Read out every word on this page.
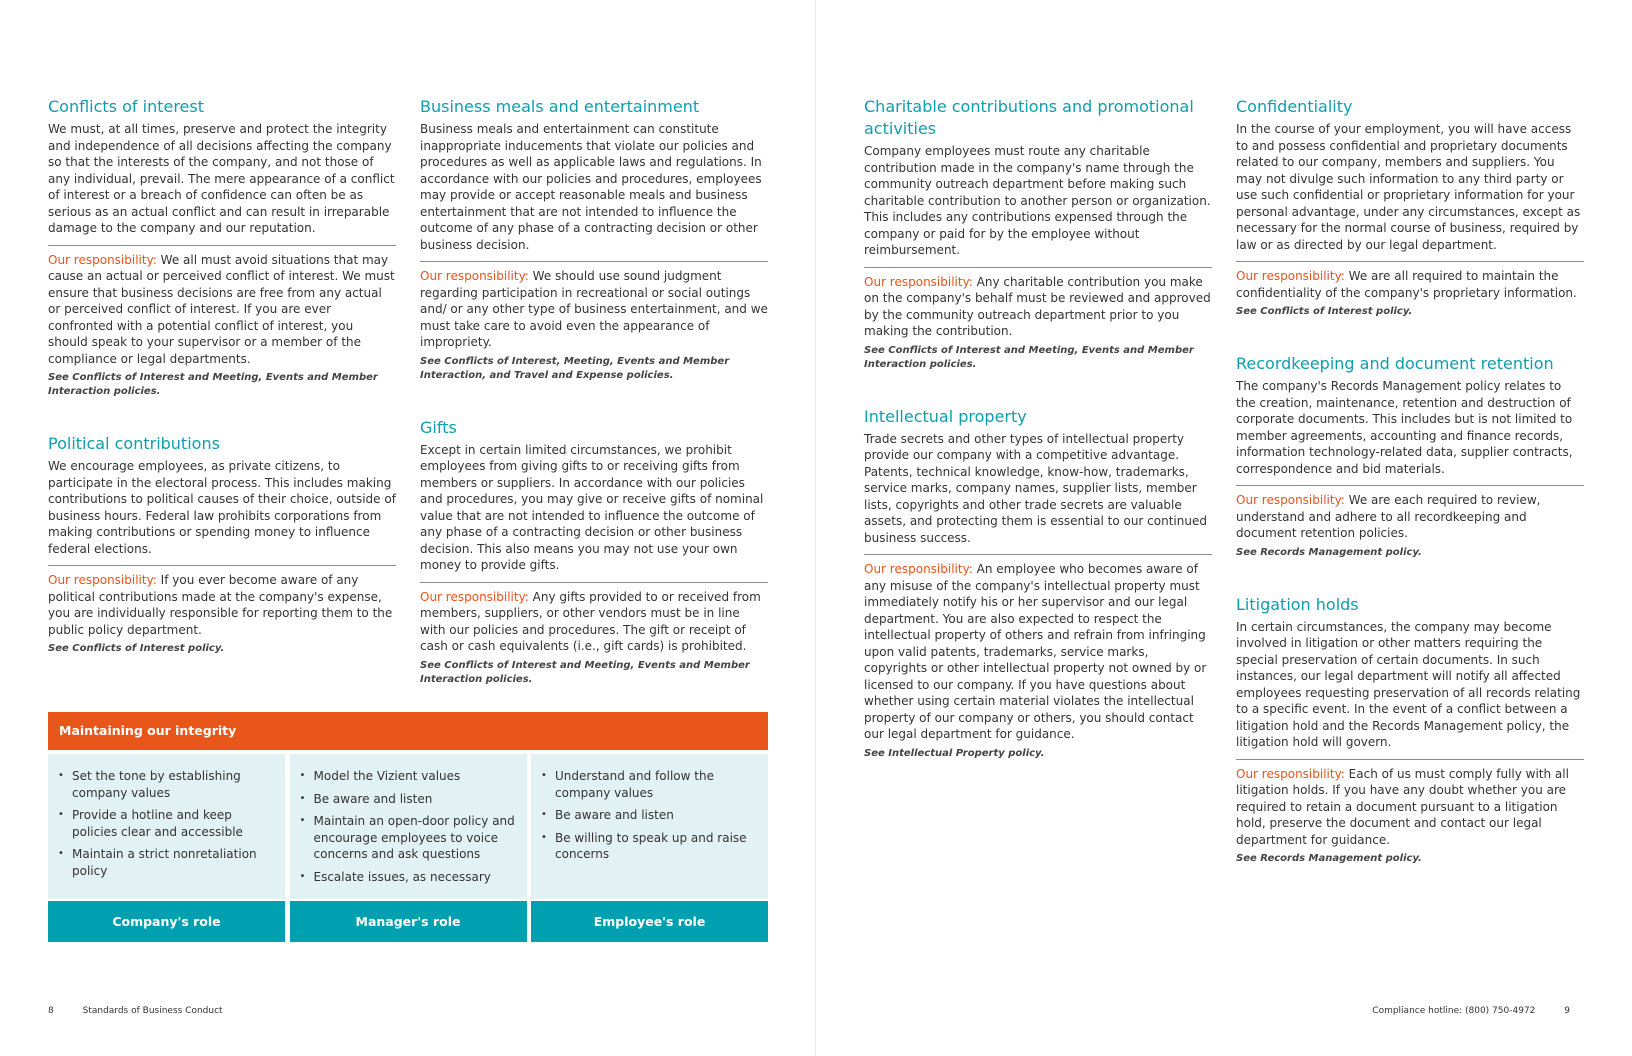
Conflicts of interest

We must, at all times, preserve and protect the integrity and independence of all decisions affecting the company so that the interests of the company, and not those of any individual, prevail. The mere appearance of a conflict of interest or a breach of confidence can often be as serious as an actual conflict and can result in irreparable damage to the company and our reputation.

Our responsibility: We all must avoid situations that may cause an actual or perceived conflict of interest. We must ensure that business decisions are free from any actual or perceived conflict of interest. If you are ever confronted with a potential conflict of interest, you should speak to your supervisor or a member of the compliance or legal departments.

See Conflicts of Interest and Meeting, Events and Member Interaction policies.

Political contributions

We encourage employees, as private citizens, to participate in the electoral process. This includes making contributions to political causes of their choice, outside of business hours. Federal law prohibits corporations from making contributions or spending money to influence federal elections.

Our responsibility: If you ever become aware of any political contributions made at the company's expense, you are individually responsible for reporting them to the public policy department.

See Conflicts of Interest policy.

Business meals and entertainment

Business meals and entertainment can constitute inappropriate inducements that violate our policies and procedures as well as applicable laws and regulations. In accordance with our policies and procedures, employees may provide or accept reasonable meals and business entertainment that are not intended to influence the outcome of any phase of a contracting decision or other business decision.

Our responsibility: We should use sound judgment regarding participation in recreational or social outings and/ or any other type of business entertainment, and we must take care to avoid even the appearance of impropriety.

See Conflicts of Interest, Meeting, Events and Member Interaction, and Travel and Expense policies.

Gifts

Except in certain limited circumstances, we prohibit employees from giving gifts to or receiving gifts from members or suppliers. In accordance with our policies and procedures, you may give or receive gifts of nominal value that are not intended to influence the outcome of any phase of a contracting decision or other business decision. This also means you may not use your own money to provide gifts.

Our responsibility: Any gifts provided to or received from members, suppliers, or other vendors must be in line with our policies and procedures. The gift or receipt of cash or cash equivalents (i.e., gift cards) is prohibited.

See Conflicts of Interest and Meeting, Events and Member Interaction policies.

Maintaining our integrity
• Set the tone by establishing company values
• Provide a hotline and keep policies clear and accessible
• Maintain a strict nonretaliation policy
Company's role
• Model the Vizient values
• Be aware and listen
• Maintain an open-door policy and encourage employees to voice concerns and ask questions
• Escalate issues, as necessary
Manager's role
• Understand and follow the company values
• Be aware and listen
• Be willing to speak up and raise concerns
Employee's role
Charitable contributions and promotional activities

Company employees must route any charitable contribution made in the company's name through the community outreach department before making such charitable contribution to another person or organization. This includes any contributions expensed through the company or paid for by the employee without reimbursement.

Our responsibility: Any charitable contribution you make on the company's behalf must be reviewed and approved by the community outreach department prior to you making the contribution.

See Conflicts of Interest and Meeting, Events and Member Interaction policies.

Intellectual property

Trade secrets and other types of intellectual property provide our company with a competitive advantage. Patents, technical knowledge, know-how, trademarks, service marks, company names, supplier lists, member lists, copyrights and other trade secrets are valuable assets, and protecting them is essential to our continued business success.

Our responsibility: An employee who becomes aware of any misuse of the company's intellectual property must immediately notify his or her supervisor and our legal department. You are also expected to respect the intellectual property of others and refrain from infringing upon valid patents, trademarks, service marks, copyrights or other intellectual property not owned by or licensed to our company. If you have questions about whether using certain material violates the intellectual property of our company or others, you should contact our legal department for guidance.

See Intellectual Property policy.

Confidentiality

In the course of your employment, you will have access to and possess confidential and proprietary documents related to our company, members and suppliers. You may not divulge such information to any third party or use such confidential or proprietary information for your personal advantage, under any circumstances, except as necessary for the normal course of business, required by law or as directed by our legal department.

Our responsibility: We are all required to maintain the confidentiality of the company's proprietary information.

See Conflicts of Interest policy.

Recordkeeping and document retention

The company's Records Management policy relates to the creation, maintenance, retention and destruction of corporate documents. This includes but is not limited to member agreements, accounting and finance records, information technology-related data, supplier contracts, correspondence and bid materials.

Our responsibility: We are each required to review, understand and adhere to all recordkeeping and document retention policies.

See Records Management policy.

Litigation holds

In certain circumstances, the company may become involved in litigation or other matters requiring the special preservation of certain documents. In such instances, our legal department will notify all affected employees requesting preservation of all records relating to a specific event. In the event of a conflict between a litigation hold and the Records Management policy, the litigation hold will govern.

Our responsibility: Each of us must comply fully with all litigation holds. If you have any doubt whether you are required to retain a document pursuant to a litigation hold, preserve the document and contact our legal department for guidance.

See Records Management policy.

8	Standards of Business Conduct	Compliance hotline: (800) 750-4972	9
